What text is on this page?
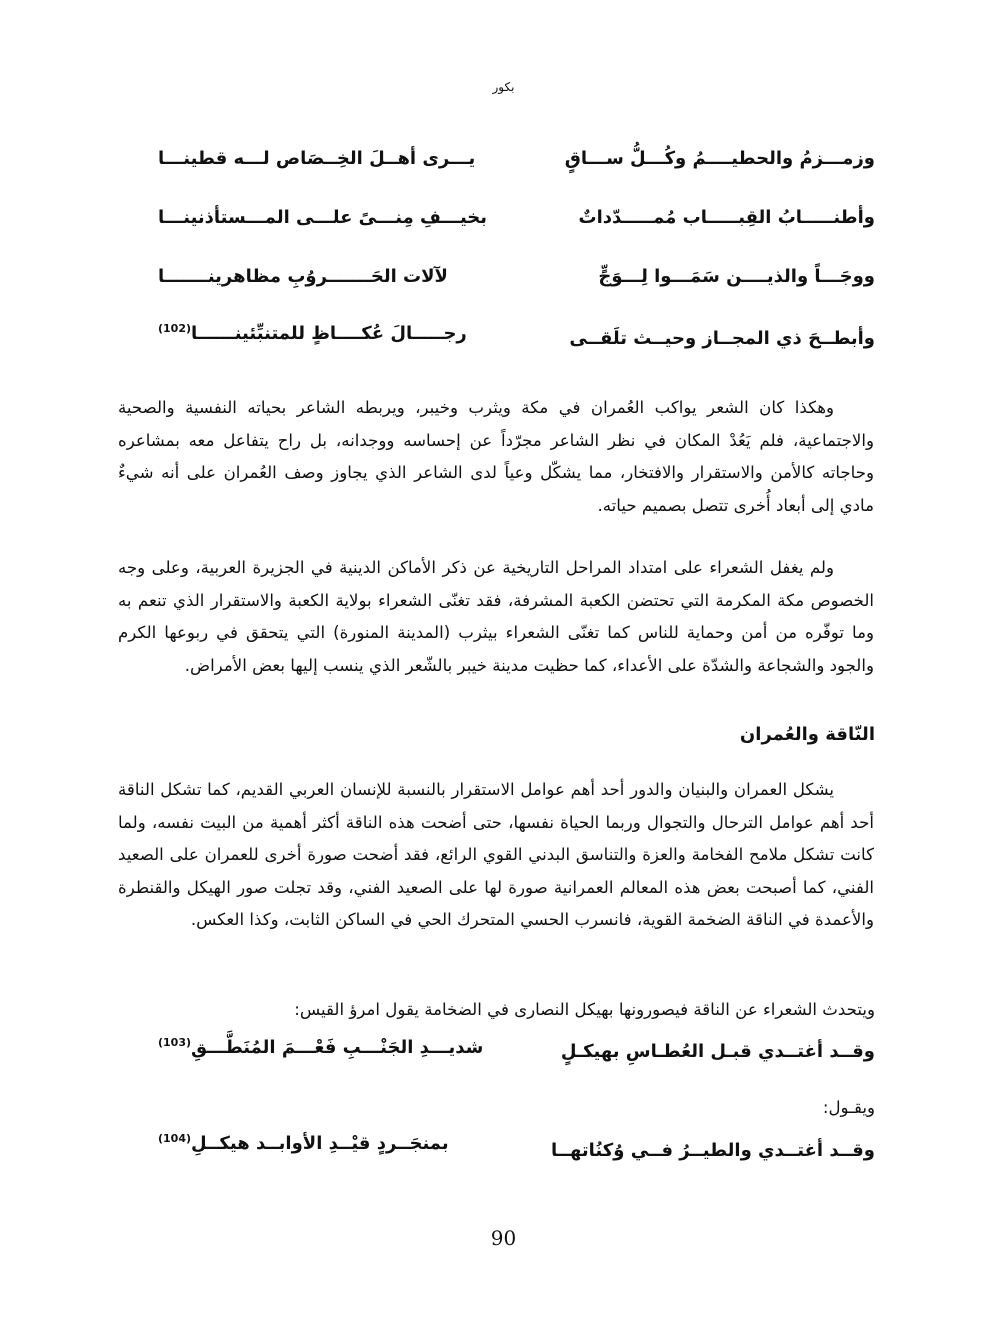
بكور
وزمـــزمُ والحطيــــمُ وكُـــلُّ ســـاقٍ
يـــرى أهــلَ الخِــصَاص لـــه قطينـــا
وأطنـــــابُ القِبـــــاب مُمـــــدّداتٌ
بخيـــفِ مِنـــىً علـــى المـــستأذنينـــا
ووجَـــاً والذيــــن سَمَـــوا لِـــوَجٍّ
لآلات الحَـــــــروُبِ مظاهرينـــــــا
وأبطــحَ ذي المجــاز وحيــث تلَقــى
رجـــــالَ عُكــــاظٍ للمتنبِّئينــــــا$^{(102)}$

وهكذا كان الشعر يواكب العُمران في مكة ويثرب وخيبر، ويربطه الشاعر بحياته النفسية والصحية والاجتماعية، فلم يَعُدْ المكان في نظر الشاعر مجرّداً عن إحساسه ووجدانه، بل راح يتفاعل معه بمشاعره وحاجاته كالأمن والاستقرار والافتخار، مما يشكّل وعياً لدى الشاعر الذي يجاوز وصف العُمران على أنه شيءٌ مادي إلى أبعاد أُخرى تتصل بصميم حياته.

ولم يغفل الشعراء على امتداد المراحل التاريخية عن ذكر الأماكن الدينية في الجزيرة العربية، وعلى وجه الخصوص مكة المكرمة التي تحتضن الكعبة المشرفة، فقد تغنّى الشعراء بولاية الكعبة والاستقرار الذي تنعم به وما توفّره من أمن وحماية للناس كما تغنّى الشعراء بيثرب (المدينة المنورة) التي يتحقق في ربوعها الكرم والجود والشجاعة والشدّة على الأعداء، كما حظيت مدينة خيبر بالشّعر الذي ينسب إليها بعض الأمراض.

النّاقة والعُمران

يشكل العمران والبنيان والدور أحد أهم عوامل الاستقرار بالنسبة للإنسان العربي القديم، كما تشكل الناقة أحد أهم عوامل الترحال والتجوال وربما الحياة نفسها، حتى أضحت هذه الناقة أكثر أهمية من البيت نفسه، ولما كانت تشكل ملامح الفخامة والعزة والتناسق البدني القوي الرائع، فقد أضحت صورة أخرى للعمران على الصعيد الفني، كما أصبحت بعض هذه المعالم العمرانية صورة لها على الصعيد الفني، وقد تجلت صور الهيكل والقنطرة والأعمدة في الناقة الضخمة القوية، فانسرب الحسي المتحرك الحي في الساكن الثابت، وكذا العكس.

ويتحدث الشعراء عن الناقة فيصورونها بهيكل النصارى في الضخامة يقول امرؤ القيس:
وقــد أغتــدي قبـل العُطـاسِ بهيكـلٍ
شديـــدِ الجَنْـــبِ فَعْـــمَ المُنَطَّـــقِ$^{(103)}$
ويقـول:
وقــد أغتــدي والطيــرُ فــي وُكنُاتهــا
بمنجَــردٍ قيْــدِ الأوابــد هيكــلِ$^{(104)}$
90
